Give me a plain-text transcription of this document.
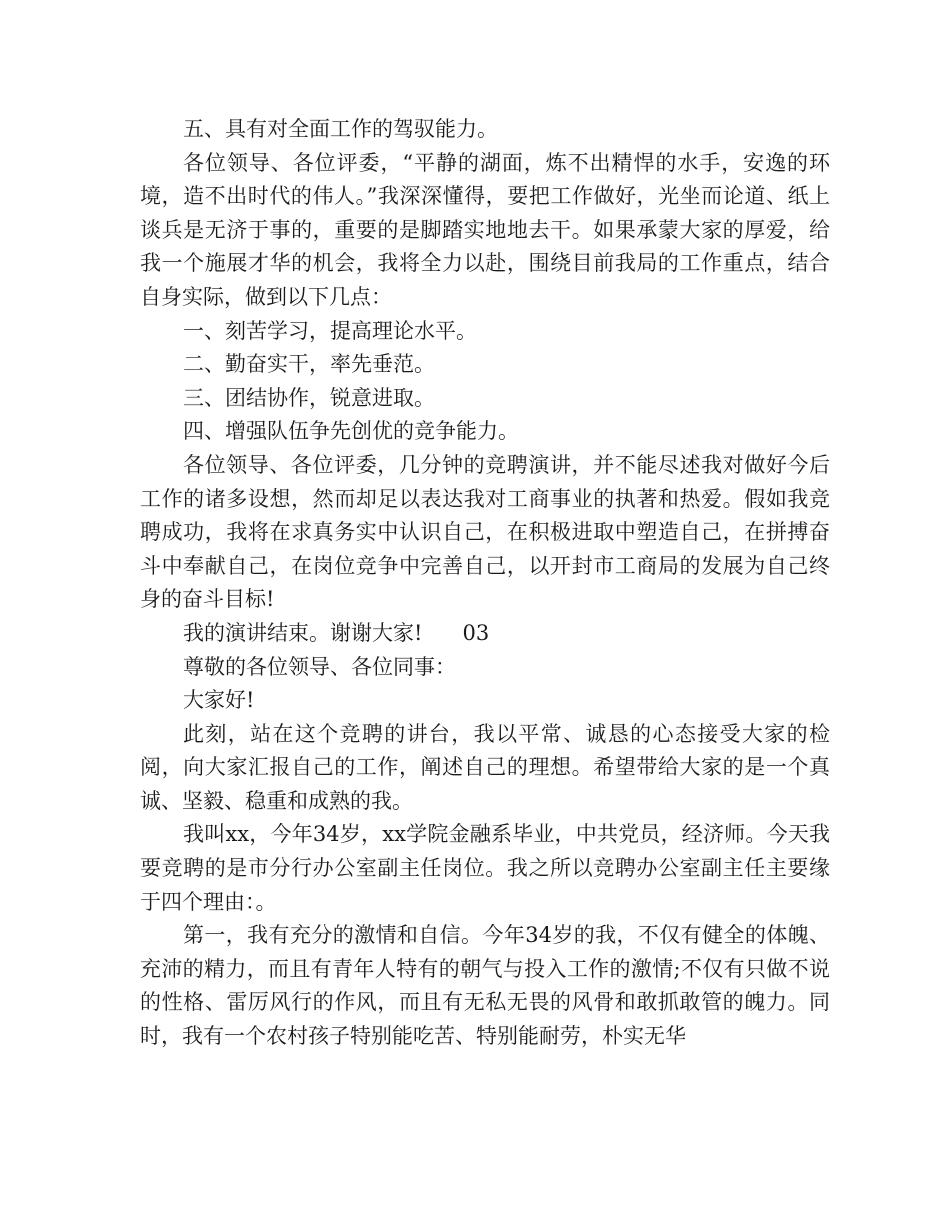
五、具有对全面工作的驾驭能力。

各位领导、各位评委，“平静的湖面，炼不出精悍的水手，安逸的环境，造不出时代的伟人。”我深深懂得，要把工作做好，光坐而论道、纸上谈兵是无济于事的，重要的是脚踏实地地去干。如果承蒙大家的厚爱，给我一个施展才华的机会，我将全力以赴，围绕目前我局的工作重点，结合自身实际，做到以下几点：

一、刻苦学习，提高理论水平。

二、勤奋实干，率先垂范。

三、团结协作，锐意进取。

四、增强队伍争先创优的竞争能力。

各位领导、各位评委，几分钟的竞聘演讲，并不能尽述我对做好今后工作的诸多设想，然而却足以表达我对工商事业的执著和热爱。假如我竞聘成功，我将在求真务实中认识自己，在积极进取中塑造自己，在拼搏奋斗中奉献自己，在岗位竞争中完善自己，以开封市工商局的发展为自己终身的奋斗目标!

我的演讲结束。谢谢大家! 03

尊敬的各位领导、各位同事：

大家好!

此刻，站在这个竞聘的讲台，我以平常、诚恳的心态接受大家的检阅，向大家汇报自己的工作，阐述自己的理想。希望带给大家的是一个真诚、坚毅、稳重和成熟的我。

我叫xx，今年34岁，xx学院金融系毕业，中共党员，经济师。今天我要竞聘的是市分行办公室副主任岗位。我之所以竞聘办公室副主任主要缘于四个理由：。

第一，我有充分的激情和自信。今年34岁的我，不仅有健全的体魄、充沛的精力，而且有青年人特有的朝气与投入工作的激情;不仅有只做不说的性格、雷厉风行的作风，而且有无私无畏的风骨和敢抓敢管的魄力。同时，我有一个农村孩子特别能吃苦、特别能耐劳，朴实无华
